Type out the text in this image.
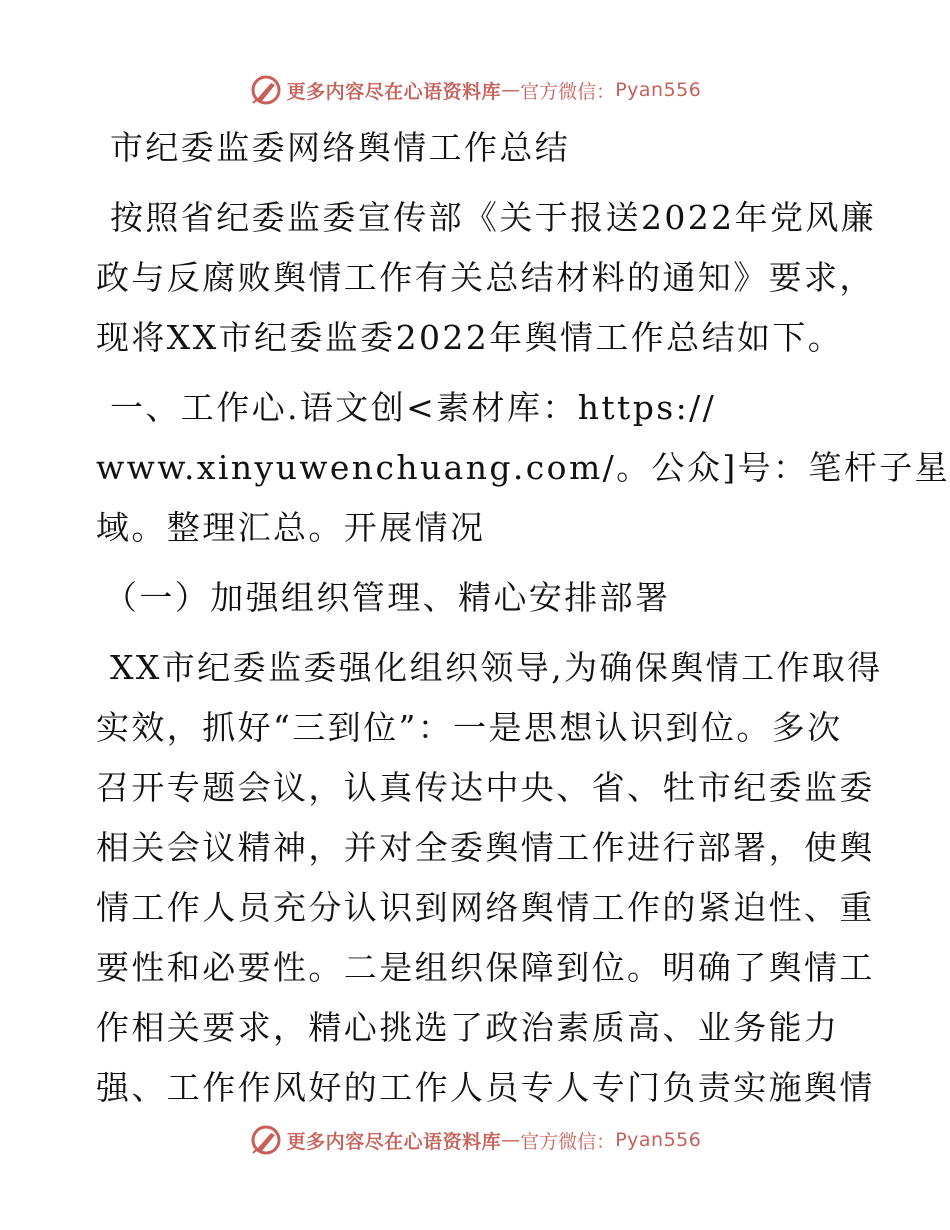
更多内容尽在心语资料库 — 官方微信： Pyan556
市纪委监委网络舆情工作总结
按照省纪委监委宣传部《关于报送2022年党风廉
政与反腐败舆情工作有关总结材料的通知》要求，
现将XX市纪委监委2022年舆情工作总结如下。
一、工作心.语文创<素材库：https://
www.xinyuwenchuang.com/。公众]号：笔杆子星
域。整理汇总。开展情况
（一）加强组织管理、精心安排部署
XX市纪委监委强化组织领导,为确保舆情工作取得
实效，抓好“三到位”：一是思想认识到位。多次
召开专题会议，认真传达中央、省、牡市纪委监委
相关会议精神，并对全委舆情工作进行部署，使舆
情工作人员充分认识到网络舆情工作的紧迫性、重
要性和必要性。二是组织保障到位。明确了舆情工
作相关要求，精心挑选了政治素质高、业务能力
强、工作作风好的工作人员专人专门负责实施舆情
更多内容尽在心语资料库 — 官方微信： Pyan556
